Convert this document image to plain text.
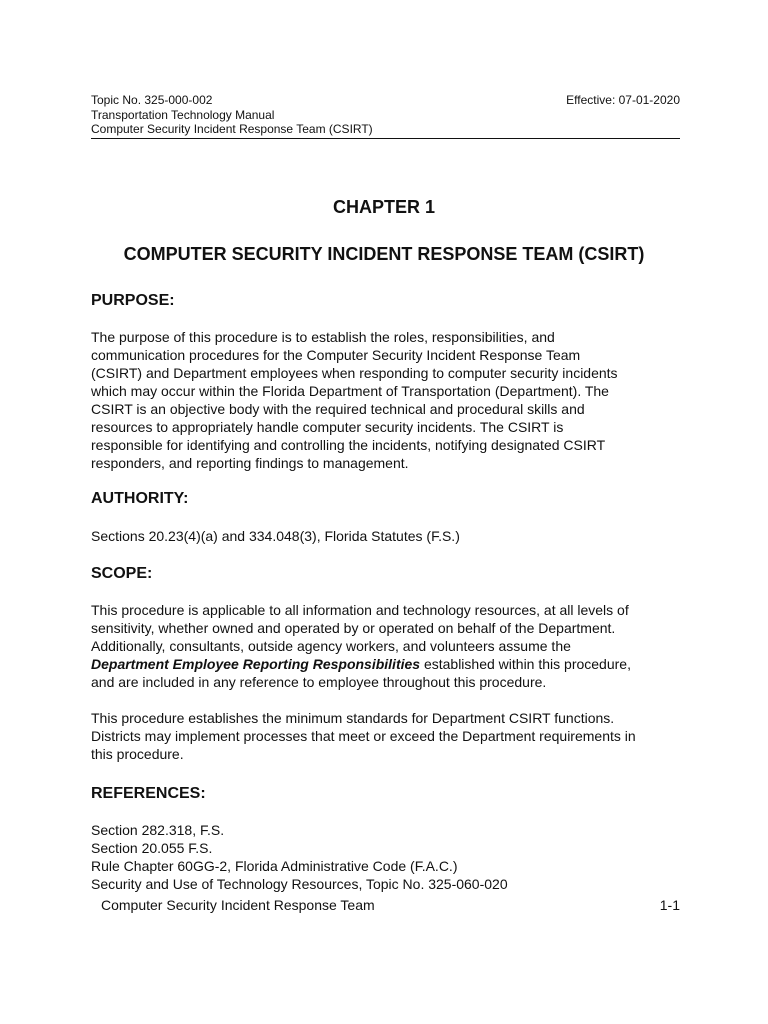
Topic No. 325-000-002
Transportation Technology Manual
Computer Security Incident Response Team (CSIRT)
Effective: 07-01-2020
CHAPTER 1
COMPUTER SECURITY INCIDENT RESPONSE TEAM (CSIRT)
PURPOSE:
The purpose of this procedure is to establish the roles, responsibilities, and
communication procedures for the Computer Security Incident Response Team
(CSIRT) and Department employees when responding to computer security incidents
which may occur within the Florida Department of Transportation (Department). The
CSIRT is an objective body with the required technical and procedural skills and
resources to appropriately handle computer security incidents. The CSIRT is
responsible for identifying and controlling the incidents, notifying designated CSIRT
responders, and reporting findings to management.
AUTHORITY:
Sections 20.23(4)(a) and 334.048(3), Florida Statutes (F.S.)
SCOPE:
This procedure is applicable to all information and technology resources, at all levels of
sensitivity, whether owned and operated by or operated on behalf of the Department.
Additionally, consultants, outside agency workers, and volunteers assume the
Department Employee Reporting Responsibilities established within this procedure,
and are included in any reference to employee throughout this procedure.
This procedure establishes the minimum standards for Department CSIRT functions.
Districts may implement processes that meet or exceed the Department requirements in
this procedure.
REFERENCES:
Section 282.318, F.S.
Section 20.055 F.S.
Rule Chapter 60GG-2, Florida Administrative Code (F.A.C.)
Security and Use of Technology Resources, Topic No. 325-060-020
Computer Security Incident Response Team	1-1
